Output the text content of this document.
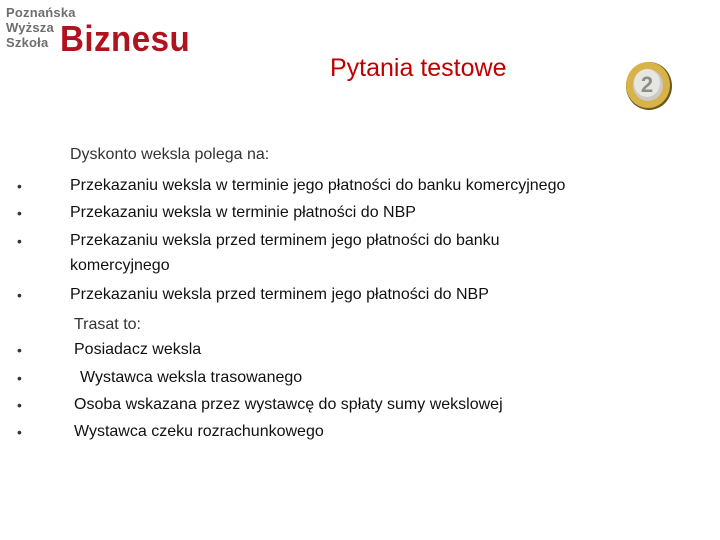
Poznańska
Wyższa
Szkoła Biznesu
Pytania testowe
2
Dyskonto weksla polega na:
•	Przekazaniu weksla w terminie jego płatności do banku komercyjnego
•	Przekazaniu weksla w terminie płatności do NBP
•	Przekazaniu weksla przed terminem jego płatności do banku
komercyjnego
•	Przekazaniu weksla przed terminem jego płatności do NBP
Trasat to:
•	Posiadacz weksla
•	Wystawca weksla trasowanego
•	Osoba wskazana przez wystawcę do spłaty sumy wekslowej
•	Wystawca czeku rozrachunkowego
